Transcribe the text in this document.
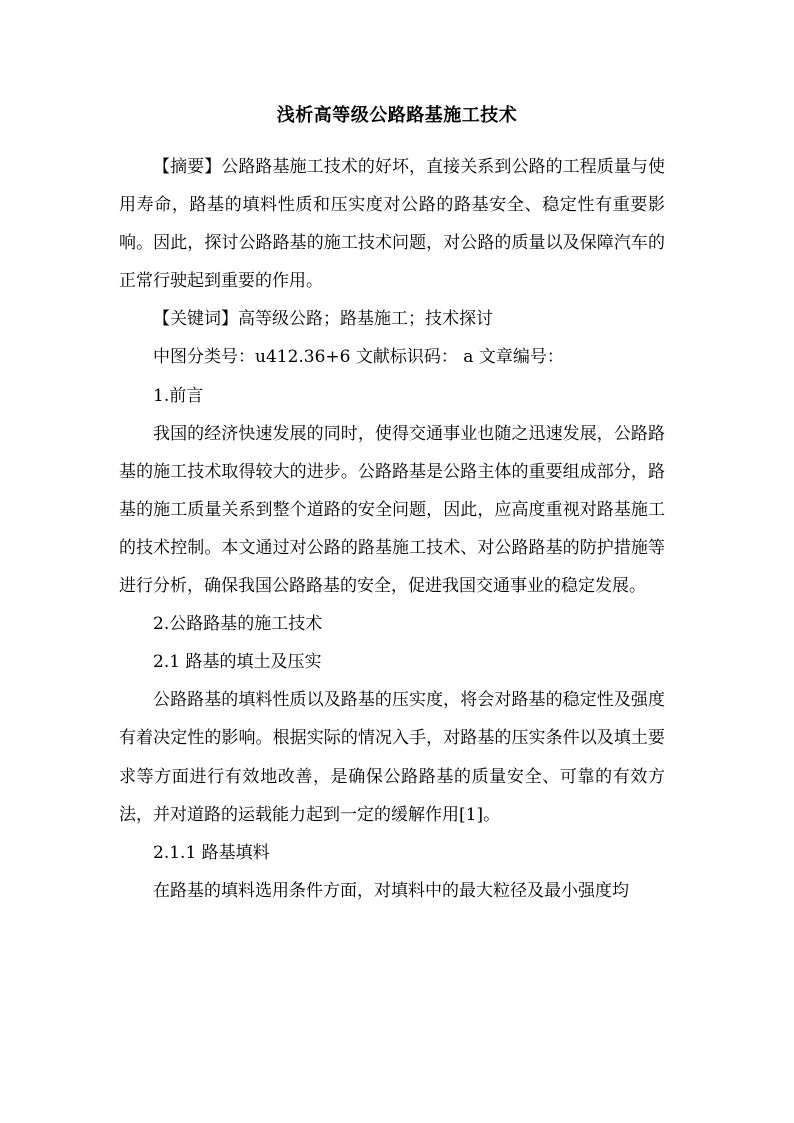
浅析高等级公路路基施工技术

【摘要】公路路基施工技术的好坏，直接关系到公路的工程质量与使用寿命，路基的填料性质和压实度对公路的路基安全、稳定性有重要影响。因此，探讨公路路基的施工技术问题，对公路的质量以及保障汽车的正常行驶起到重要的作用。

【关键词】高等级公路；路基施工；技术探讨

中图分类号：u412.36+6 文献标识码： a 文章编号：

1.前言

我国的经济快速发展的同时，使得交通事业也随之迅速发展，公路路基的施工技术取得较大的进步。公路路基是公路主体的重要组成部分，路基的施工质量关系到整个道路的安全问题，因此，应高度重视对路基施工的技术控制。本文通过对公路的路基施工技术、对公路路基的防护措施等进行分析，确保我国公路路基的安全，促进我国交通事业的稳定发展。

2.公路路基的施工技术

2.1 路基的填土及压实

公路路基的填料性质以及路基的压实度，将会对路基的稳定性及强度有着决定性的影响。根据实际的情况入手，对路基的压实条件以及填土要求等方面进行有效地改善，是确保公路路基的质量安全、可靠的有效方法，并对道路的运载能力起到一定的缓解作用[1]。

2.1.1 路基填料

在路基的填料选用条件方面，对填料中的最大粒径及最小强度均
